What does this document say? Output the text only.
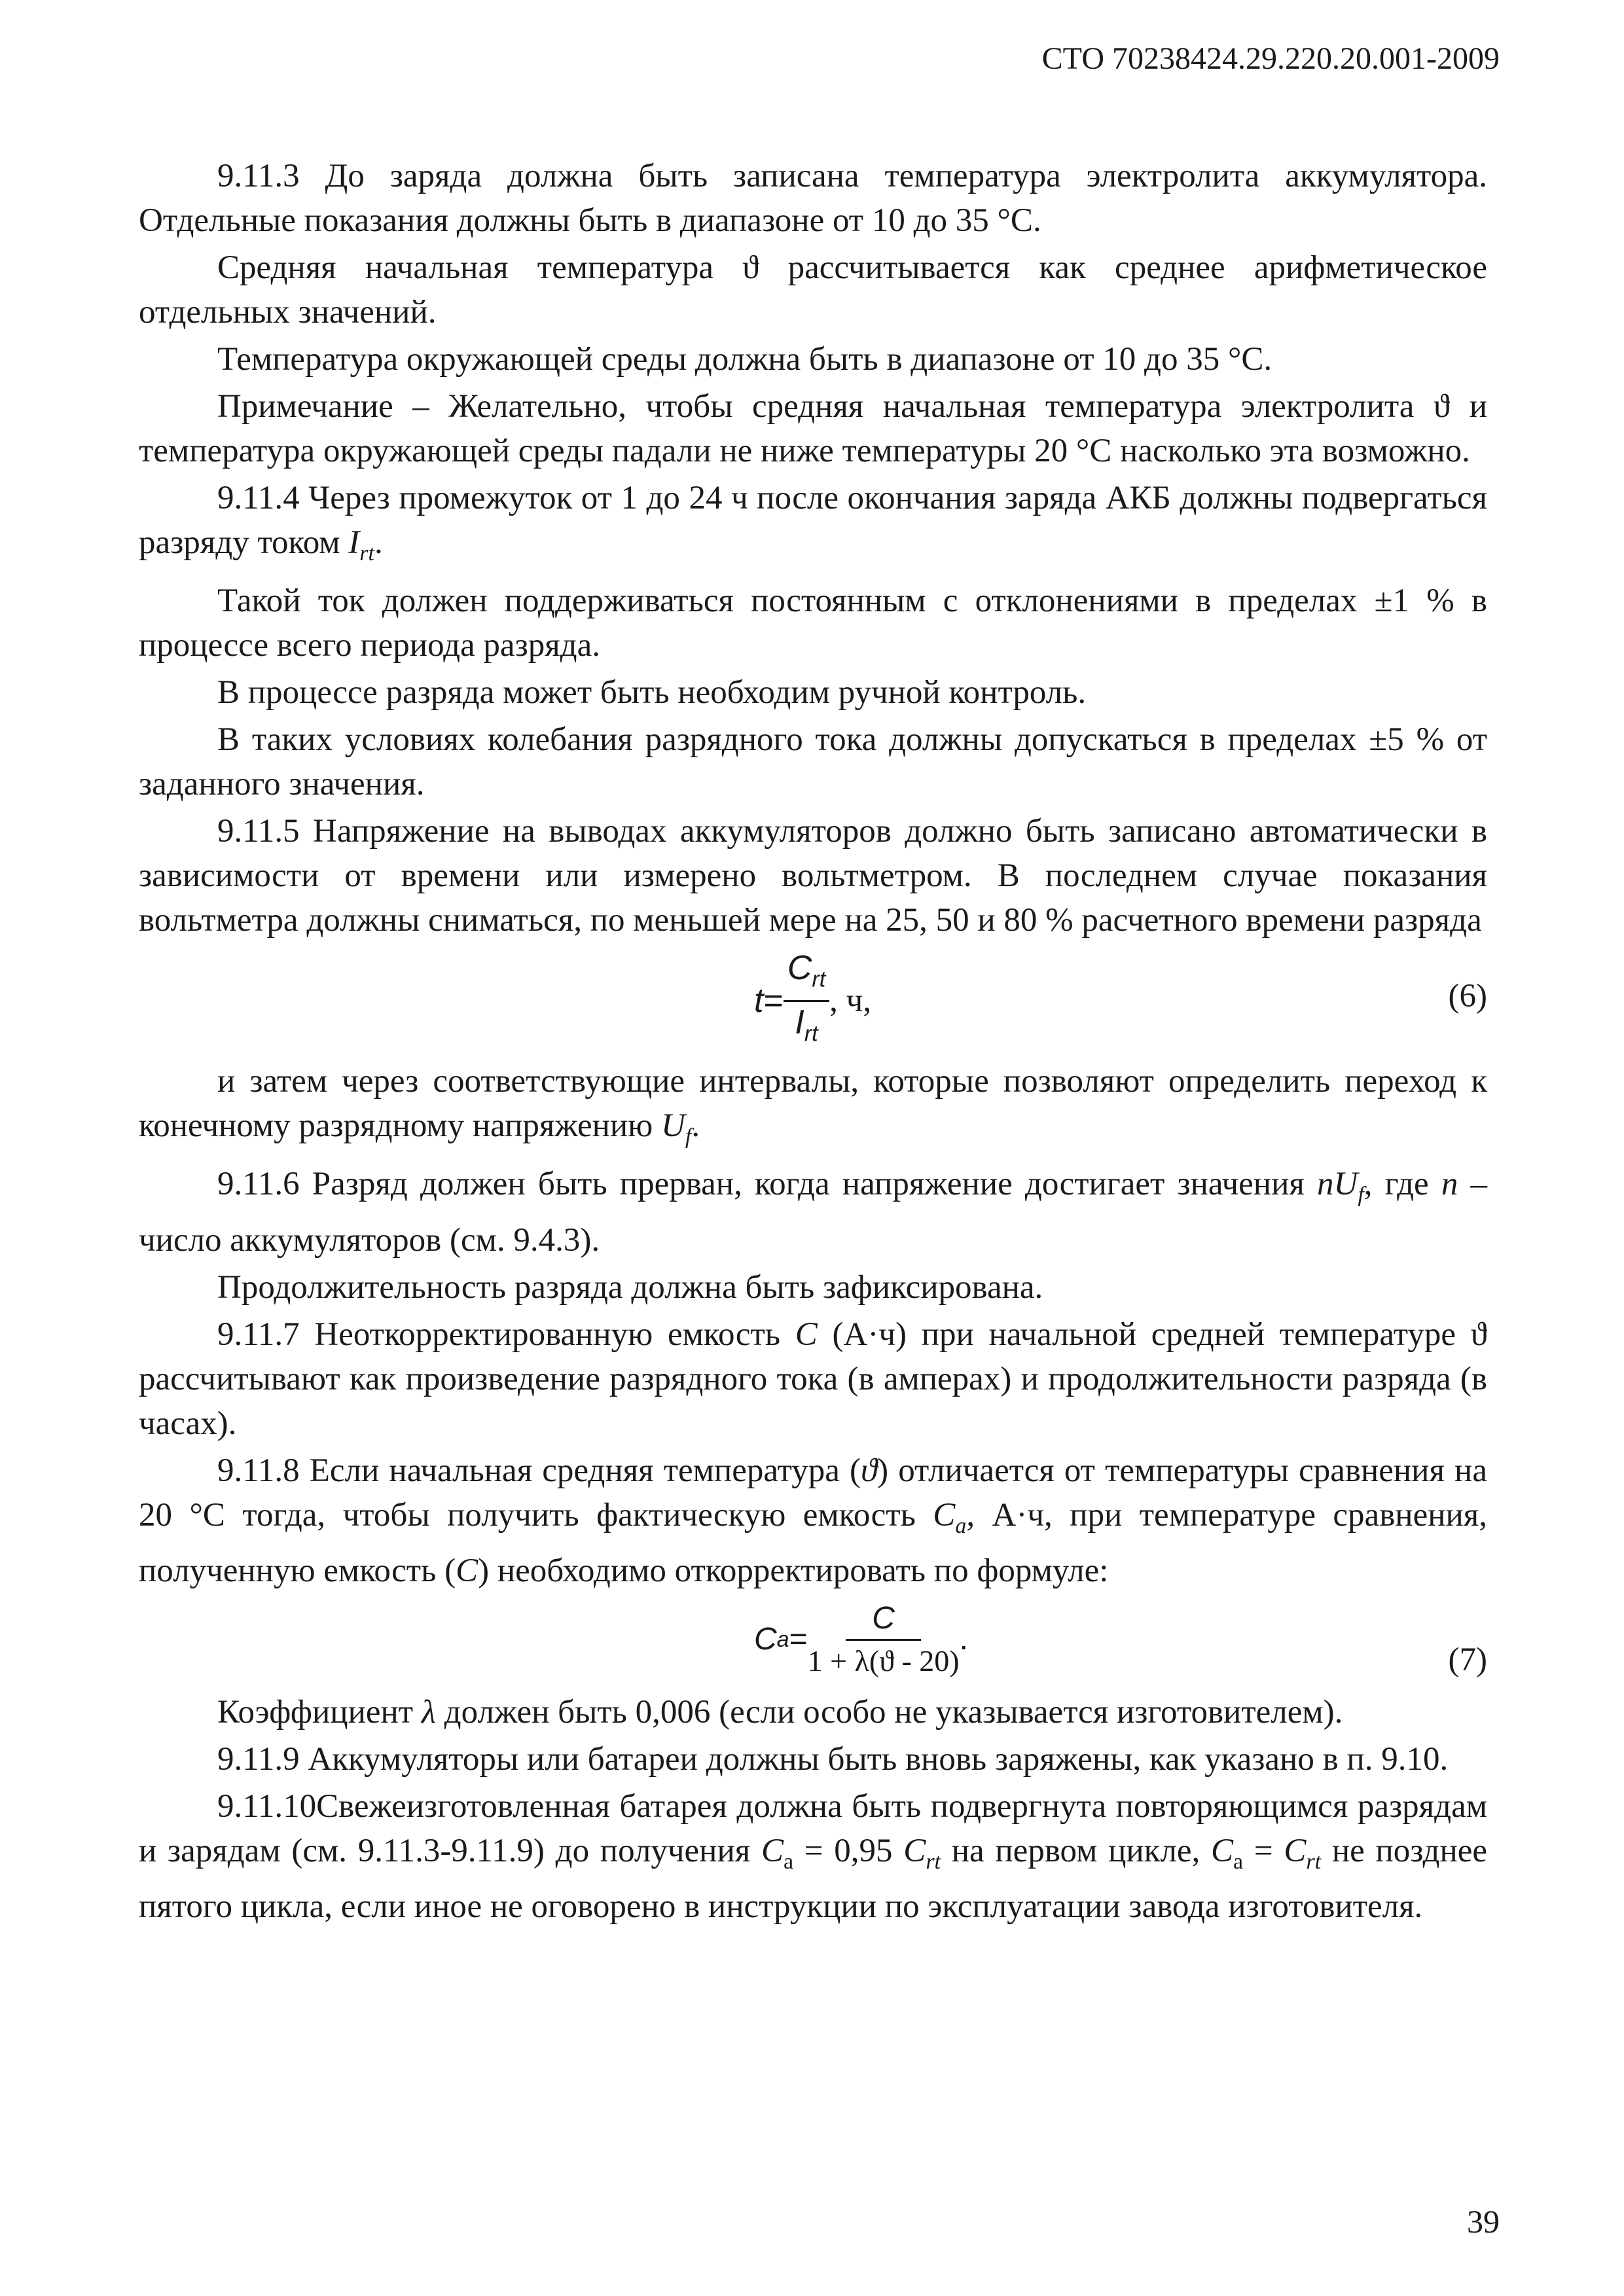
СТО 70238424.29.220.20.001-2009

9.11.3 До заряда должна быть записана температура электролита аккумулятора. Отдельные показания должны быть в диапазоне от 10 до 35 °С.

Средняя начальная температура ϑ рассчитывается как среднее арифметическое отдельных значений.

Температура окружающей среды должна быть в диапазоне от 10 до 35 °С.

Примечание – Желательно, чтобы средняя начальная температура электролита ϑ и температура окружающей среды падали не ниже температуры 20 °С насколько эта возможно.

9.11.4 Через промежуток от 1 до 24 ч после окончания заряда АКБ должны подвергаться разряду током $I_{rt}$.

Такой ток должен поддерживаться постоянным с отклонениями в пределах ±1 % в процессе всего периода разряда.

В процессе разряда может быть необходим ручной контроль.

В таких условиях колебания разрядного тока должны допускаться в пределах ±5 % от заданного значения.

9.11.5 Напряжение на выводах аккумуляторов должно быть записано автоматически в зависимости от времени или измерено вольтметром. В последнем случае показания вольтметра должны сниматься, по меньшей мере на 25, 50 и 80 % расчетного времени разряда

$t = \frac{C_{rt}}{I_{rt}}$ , ч,	(6)

и затем через соответствующие интервалы, которые позволяют определить переход к конечному разрядному напряжению $U_f$.

9.11.6 Разряд должен быть прерван, когда напряжение достигает значения $nU_f$, где n – число аккумуляторов (см. 9.4.3).

Продолжительность разряда должна быть зафиксирована.

9.11.7 Неоткорректированную емкость C (А·ч) при начальной средней температуре ϑ рассчитывают как произведение разрядного тока (в амперах) и продолжительности разряда (в часах).

9.11.8 Если начальная средняя температура (ϑ) отличается от температуры сравнения на 20 °С тогда, чтобы получить фактическую емкость $C_a$, А·ч, при температуре сравнения, полученную емкость (C) необходимо откорректировать по формуле:

C $a = \frac{C}{1 + \lambda(ϑ - 20)}$ .
(7)

Коэффициент λ должен быть 0,006 (если особо не указывается изготовителем).

9.11.9 Аккумуляторы или батареи должны быть вновь заряжены, как указано в п. 9.10.

9.11.10Свежеизготовленная батарея должна быть подвергнута повторяющимся разрядам и зарядам (см. 9.11.3-9.11.9) до получения $C_a = 0,95$ $C_{rt}$ на первом цикле, $C_a = C_{rt}$ не позднее пятого цикла, если иное не оговорено в инструкции по эксплуатации завода изготовителя.

39
